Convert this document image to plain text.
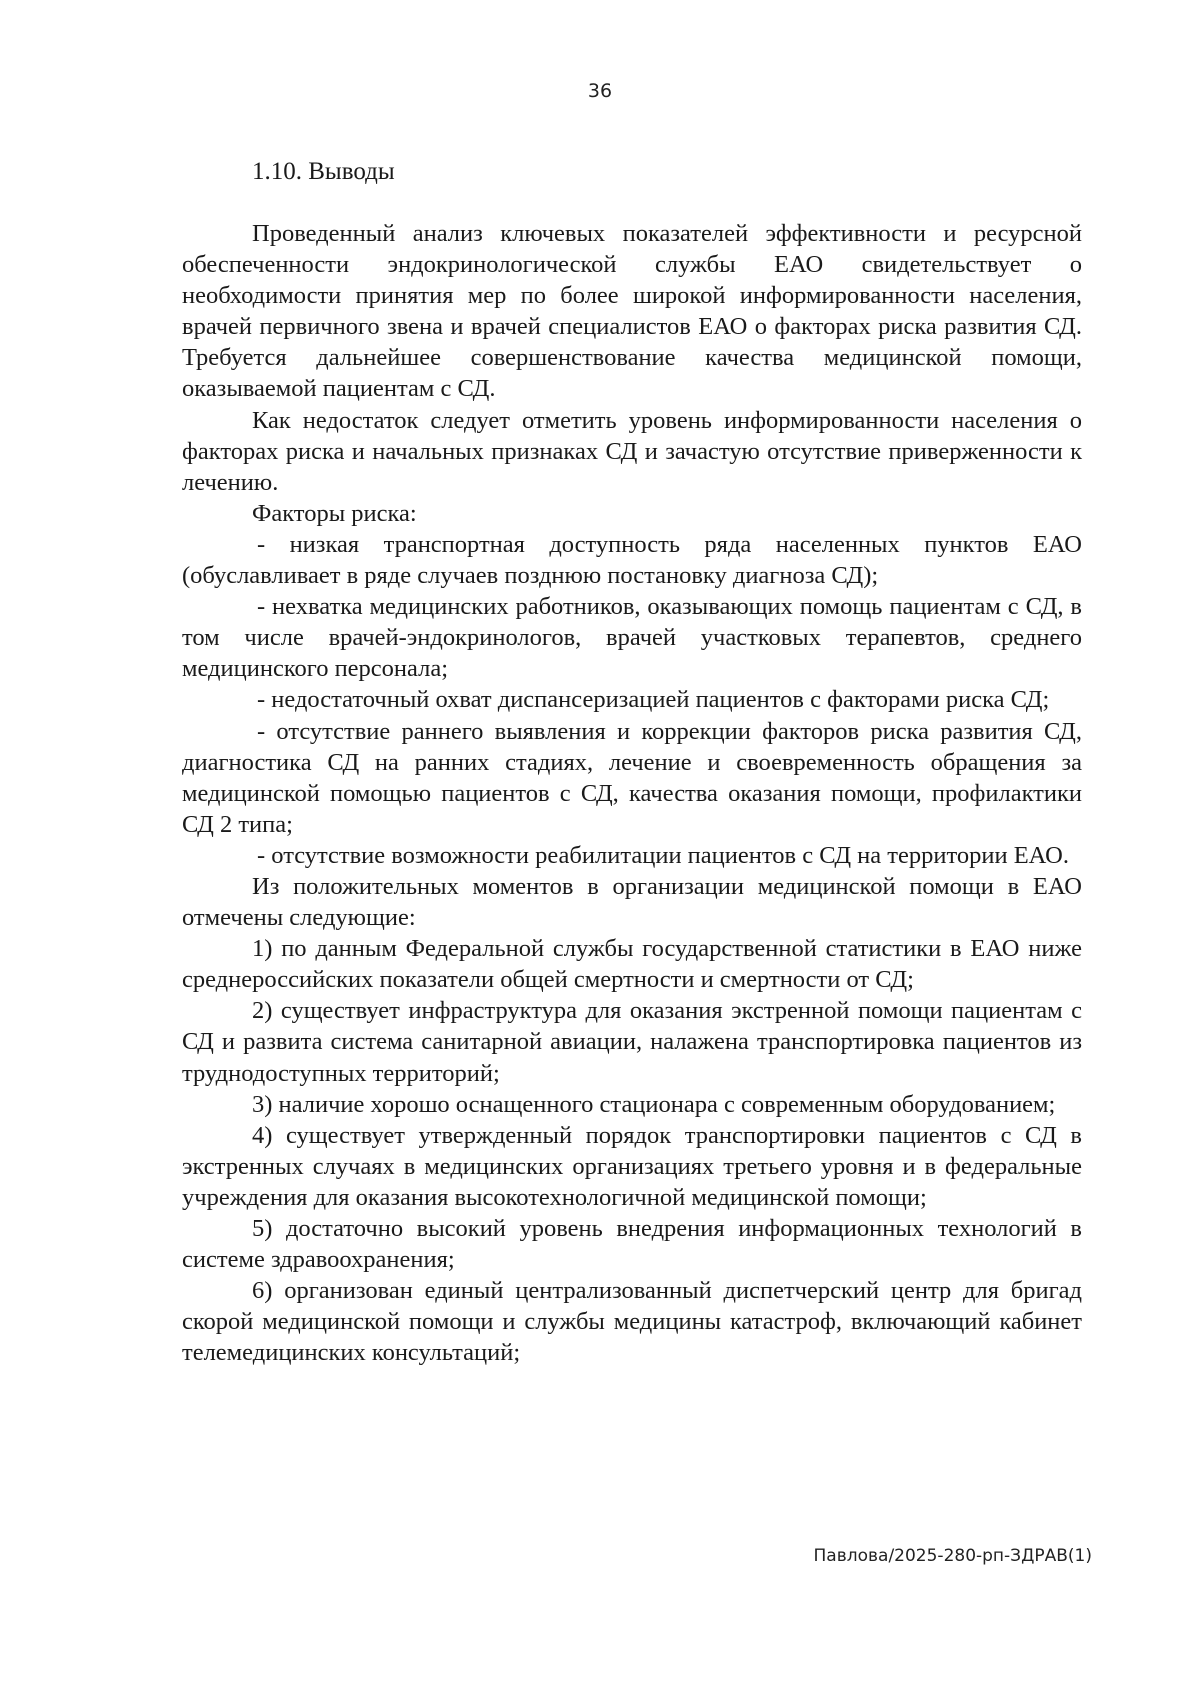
36
1.10. Выводы

Проведенный анализ ключевых показателей эффективности и ресурсной обеспеченности эндокринологической службы ЕАО свидетельствует о необходимости принятия мер по более широкой информированности населения, врачей первичного звена и врачей специалистов ЕАО о факторах риска развития СД. Требуется дальнейшее совершенствование качества медицинской помощи, оказываемой пациентам с СД.

Как недостаток следует отметить уровень информированности населения о факторах риска и начальных признаках СД и зачастую отсутствие приверженности к лечению.

Факторы риска:

- низкая транспортная доступность ряда населенных пунктов ЕАО (обуславливает в ряде случаев позднюю постановку диагноза СД);

- нехватка медицинских работников, оказывающих помощь пациентам с СД, в том числе врачей-эндокринологов, врачей участковых терапевтов, среднего медицинского персонала;

- недостаточный охват диспансеризацией пациентов с факторами риска СД;

- отсутствие раннего выявления и коррекции факторов риска развития СД, диагностика СД на ранних стадиях, лечение и своевременность обращения за медицинской помощью пациентов с СД, качества оказания помощи, профилактики СД 2 типа;

- отсутствие возможности реабилитации пациентов с СД на территории ЕАО.

Из положительных моментов в организации медицинской помощи в ЕАО отмечены следующие:

1) по данным Федеральной службы государственной статистики в ЕАО ниже среднероссийских показатели общей смертности и смертности от СД;

2) существует инфраструктура для оказания экстренной помощи пациентам с СД и развита система санитарной авиации, налажена транспортировка пациентов из труднодоступных территорий;

3) наличие хорошо оснащенного стационара с современным оборудованием;

4) существует утвержденный порядок транспортировки пациентов с СД в экстренных случаях в медицинских организациях третьего уровня и в федеральные учреждения для оказания высокотехнологичной медицинской помощи;

5) достаточно высокий уровень внедрения информационных технологий в системе здравоохранения;

6) организован единый централизованный диспетчерский центр для бригад скорой медицинской помощи и службы медицины катастроф, включающий кабинет телемедицинских консультаций;

Павлова/2025-280-рп-ЗДРАВ(1)
